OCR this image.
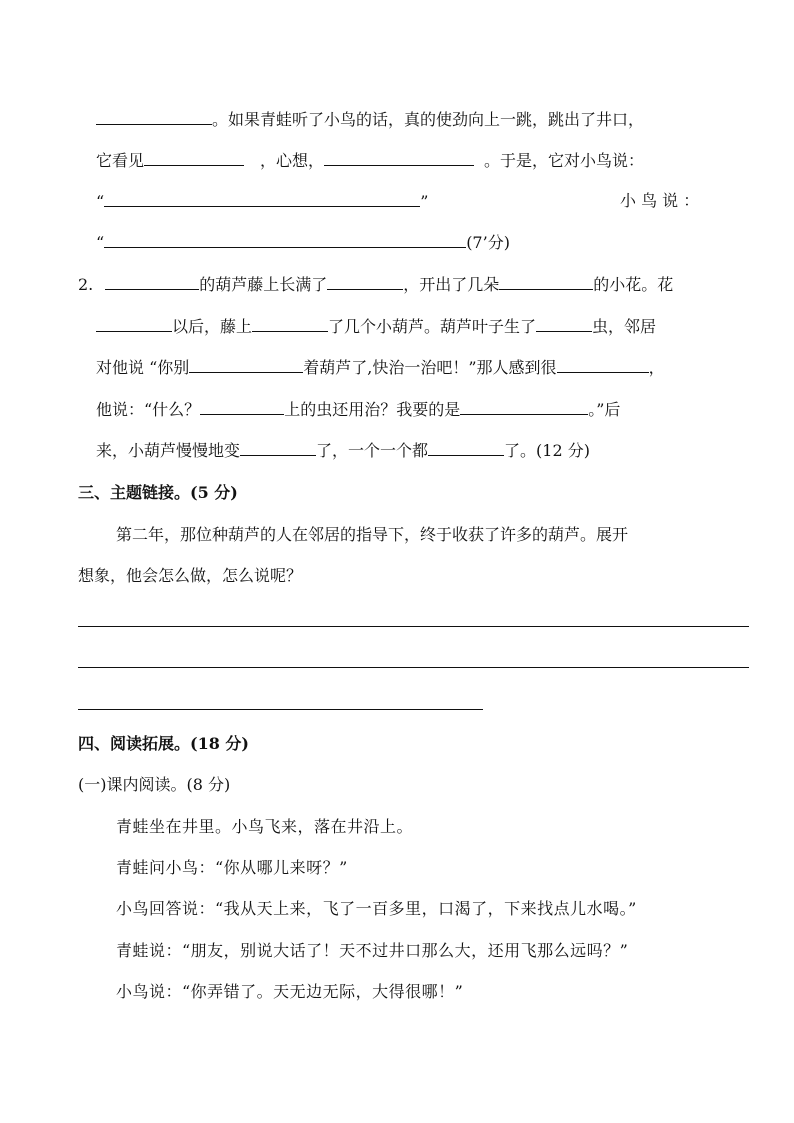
。如果青蛙听了小鸟的话，真的使劲向上一跳，跳出了井口，
它看见	，心想，	。于是，它对小鸟说：
“	”	小 鸟 说 ：
“	(7’分)
2.	的葫芦藤上长满了	，开出了几朵	的小花。花
以后，藤上	了几个小葫芦。葫芦叶子生了	虫，邻居
对他说 “你别	着葫芦了,快治一治吧！”那人感到很	，
他说：“什么？	上的虫还用治？我要的是	。”后
来，小葫芦慢慢地变	了，一个一个都	了。(12 分)
三、主题链接。(5 分)
第二年，那位种葫芦的人在邻居的指导下，终于收获了许多的葫芦。展开
想象，他会怎么做，怎么说呢？
四、阅读拓展。(18 分)
(一)课内阅读。(8 分)
青蛙坐在井里。小鸟飞来，落在井沿上。
青蛙问小鸟：“你从哪儿来呀？”
小鸟回答说：“我从天上来，飞了一百多里，口渴了，下来找点儿水喝。”
青蛙说：“朋友，别说大话了！天不过井口那么大，还用飞那么远吗？”
小鸟说：“你弄错了。天无边无际，大得很哪！”
